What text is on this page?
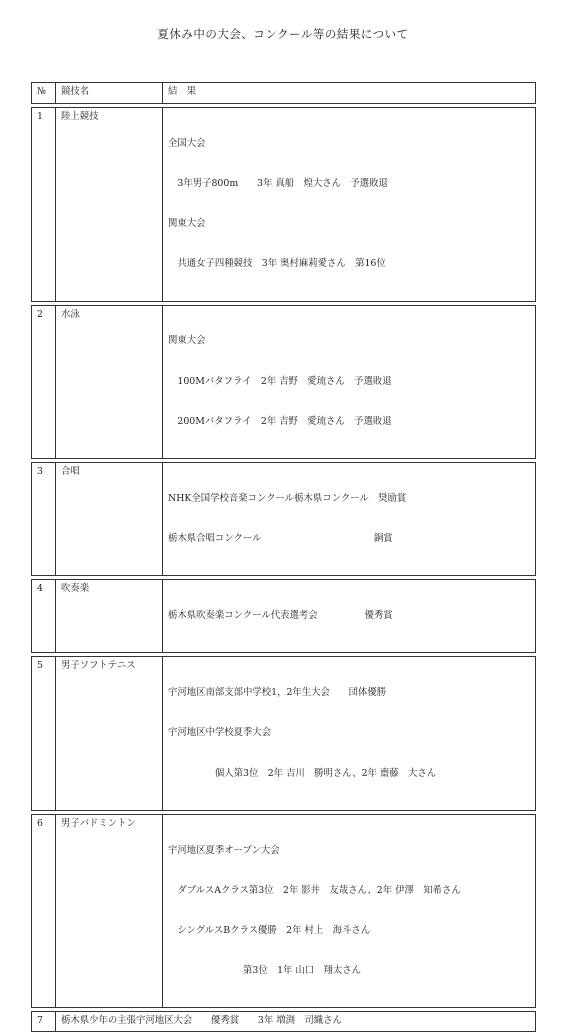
夏休み中の大会、コンクール等の結果について
№	競技名	結　果

1	陸上競技	全国大会

　3年男子800m　　3年 真船　煌大さん　予選敗退

関東大会

　共通女子四種競技　3年 奥村麻莉愛さん　第16位

2	水泳	関東大会

　100Mバタフライ　2年 吉野　愛琉さん　予選敗退

　200Mバタフライ　2年 吉野　愛琉さん　予選敗退

3	合唱	NHK全国学校音楽コンクール栃木県コンクール　奨励賞

栃木県合唱コンクール　　　　　　　　　　　　銅賞

4	吹奏楽	栃木県吹奏楽コンクール代表選考会　　　　　優秀賞

5	男子ソフトテニス	宇河地区南部支部中学校1，2年生大会　　団体優勝

宇河地区中学校夏季大会

　　　　　個人第3位　2年 吉川　勝明さん、2年 齋藤　大さん

6	男子バドミントン	宇河地区夏季オープン大会

　ダブルスAクラス第3位　2年 影井　友哉さん、2年 伊澤　知希さん

　シングルスBクラス優勝　2年 村上　海斗さん

　　　　　　　　第3位　1年 山口　翔太さん

7	栃木県少年の主張宇河地区大会　　優秀賞　　3年 増渕　司織さん	
